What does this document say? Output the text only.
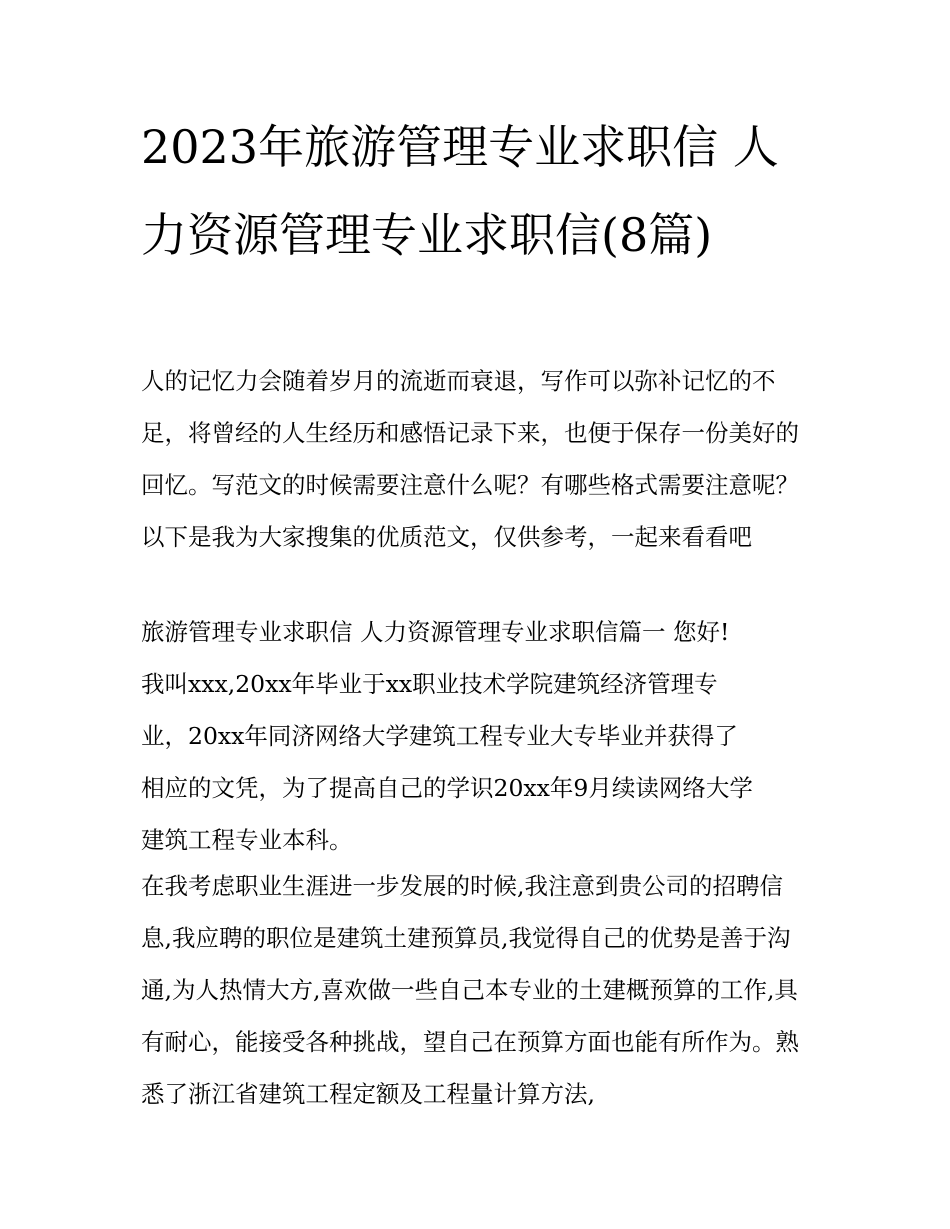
2023年旅游管理专业求职信 人力资源管理专业求职信(8篇)

人的记忆力会随着岁月的流逝而衰退，写作可以弥补记忆的不足，将曾经的人生经历和感悟记录下来，也便于保存一份美好的回忆。写范文的时候需要注意什么呢？有哪些格式需要注意呢？以下是我为大家搜集的优质范文，仅供参考，一起来看看吧

旅游管理专业求职信 人力资源管理专业求职信篇一 您好!

我叫xxx,20xx年毕业于xx职业技术学院建筑经济管理专业，20xx年同济网络大学建筑工程专业大专毕业并获得了相应的文凭，为了提高自己的学识20xx年9月续读网络大学建筑工程专业本科。

在我考虑职业生涯进一步发展的时候,我注意到贵公司的招聘信息,我应聘的职位是建筑土建预算员,我觉得自己的优势是善于沟通,为人热情大方,喜欢做一些自己本专业的土建概预算的工作,具有耐心，能接受各种挑战，望自己在预算方面也能有所作为。熟悉了浙江省建筑工程定额及工程量计算方法,
